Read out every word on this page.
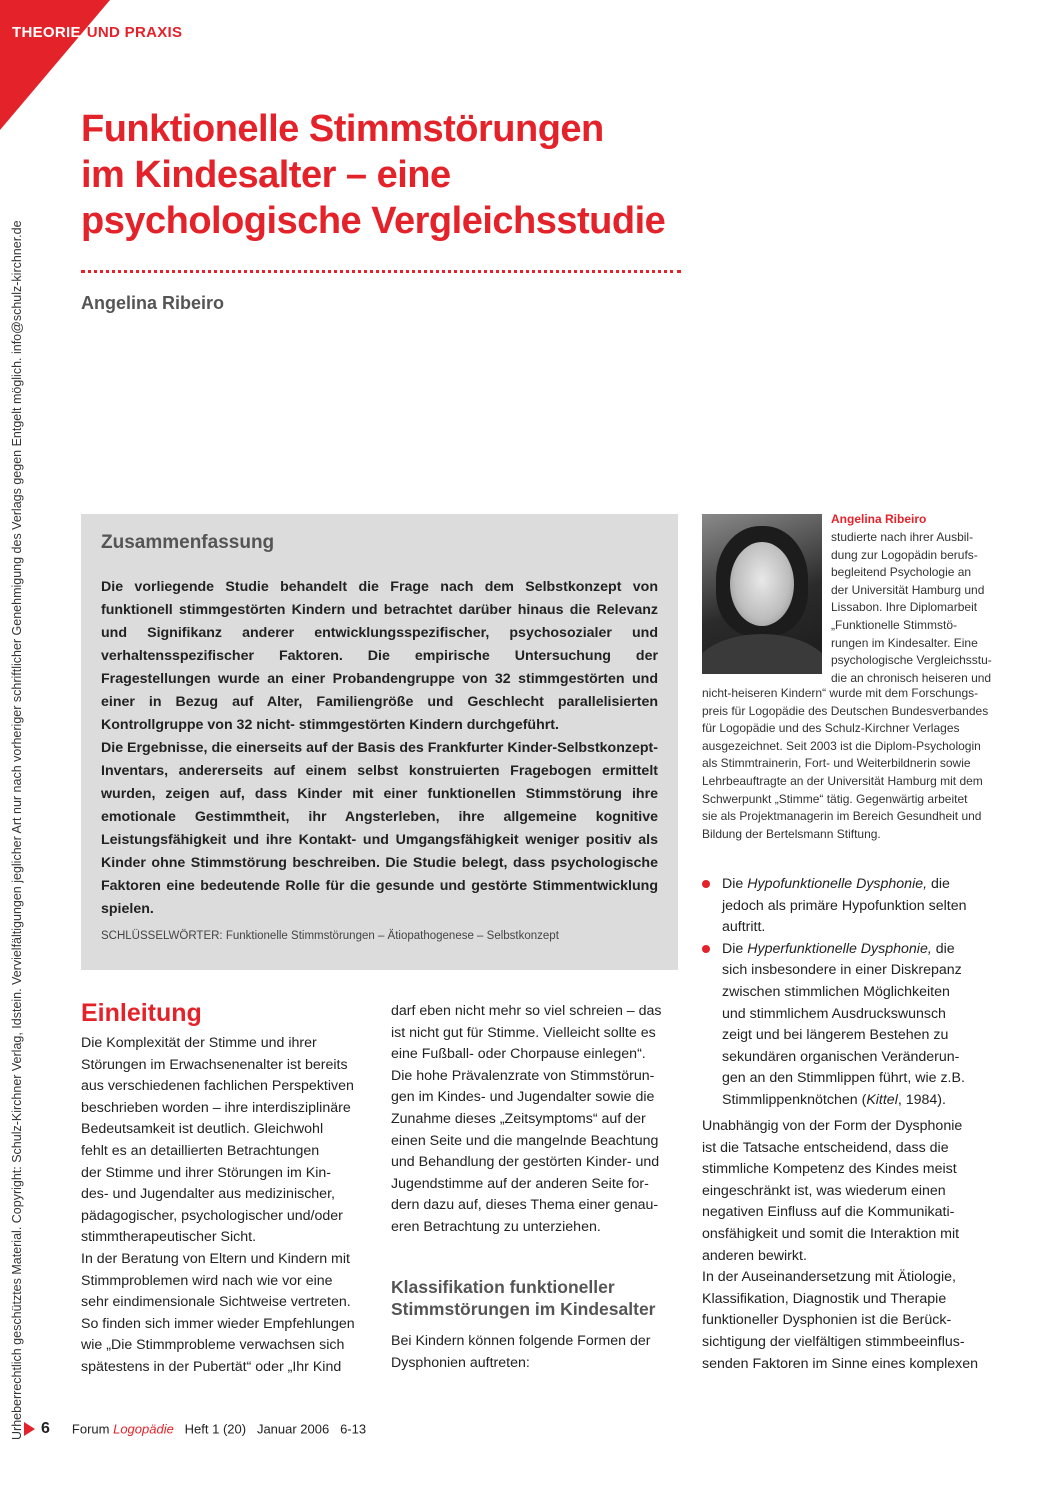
THEORIE UND PRAXIS
Urheberrechtlich geschütztes Material. Copyright: Schulz-Kirchner Verlag, Idstein. Vervielfältigungen jeglicher Art nur nach vorheriger schriftlicher Genehmigung des Verlags gegen Entgelt möglich. info@schulz-kirchner.de
Funktionelle Stimmstörungen
im Kindesalter – eine
psychologische Vergleichsstudie
Angelina Ribeiro
Zusammenfassung

Die vorliegende Studie behandelt die Frage nach dem Selbstkonzept von funktionell stimmgestörten Kindern und betrachtet darüber hinaus die Relevanz und Signifikanz anderer entwicklungsspezifischer, psychosozialer und verhaltensspezifischer Faktoren. Die empirische Untersuchung der Fragestellungen wurde an einer Probandengruppe von 32 stimmgestörten und einer in Bezug auf Alter, Familiengröße und Geschlecht parallelisierten Kontrollgruppe von 32 nicht- stimmgestörten Kindern durchgeführt.

Die Ergebnisse, die einerseits auf der Basis des Frankfurter Kinder-Selbstkonzept-Inventars, andererseits auf einem selbst konstruierten Fragebogen ermittelt wurden, zeigen auf, dass Kinder mit einer funktionellen Stimmstörung ihre emotionale Gestimmtheit, ihr Angsterleben, ihre allgemeine kognitive Leistungsfähigkeit und ihre Kontakt- und Umgangsfähigkeit weniger positiv als Kinder ohne Stimmstörung beschreiben. Die Studie belegt, dass psychologische Faktoren eine bedeutende Rolle für die gesunde und gestörte Stimmentwicklung spielen.

SCHLÜSSELWÖRTER: Funktionelle Stimmstörungen – Ätiopathogenese – Selbstkonzept
Angelina Ribeiro
studierte nach ihrer Ausbil-
dung zur Logopädin berufs-
begleitend Psychologie an
der Universität Hamburg und
Lissabon. Ihre Diplomarbeit
„Funktionelle Stimmstö-
rungen im Kindesalter. Eine
psychologische Vergleichsstu-
die an chronisch heiseren und
nicht-heiseren Kindern“ wurde mit dem Forschungs-
preis für Logopädie des Deutschen Bundesverbandes
für Logopädie und des Schulz-Kirchner Verlages
ausgezeichnet. Seit 2003 ist die Diplom-Psychologin
als Stimmtrainerin, Fort- und Weiterbildnerin sowie
Lehrbeauftragte an der Universität Hamburg mit dem
Schwerpunkt „Stimme“ tätig. Gegenwärtig arbeitet
sie als Projektmanagerin im Bereich Gesundheit und
Bildung der Bertelsmann Stiftung.
Einleitung
Die Komplexität der Stimme und ihrer
Störungen im Erwachsenenalter ist bereits
aus verschiedenen fachlichen Perspektiven
beschrieben worden – ihre interdisziplinäre
Bedeutsamkeit ist deutlich. Gleichwohl
fehlt es an detaillierten Betrachtungen
der Stimme und ihrer Störungen im Kin-
des- und Jugendalter aus medizinischer,
pädagogischer, psychologischer und/oder
stimmtherapeutischer Sicht.
In der Beratung von Eltern und Kindern mit
Stimmproblemen wird nach wie vor eine
sehr eindimensionale Sichtweise vertreten.
So finden sich immer wieder Empfehlungen
wie „Die Stimmprobleme verwachsen sich
spätestens in der Pubertät“ oder „Ihr Kind
darf eben nicht mehr so viel schreien – das
ist nicht gut für Stimme. Vielleicht sollte es
eine Fußball- oder Chorpause einlegen“.
Die hohe Prävalenzrate von Stimmstörun-
gen im Kindes- und Jugendalter sowie die
Zunahme dieses „Zeitsymptoms“ auf der
einen Seite und die mangelnde Beachtung
und Behandlung der gestörten Kinder- und
Jugendstimme auf der anderen Seite for-
dern dazu auf, dieses Thema einer genau-
eren Betrachtung zu unterziehen.
Klassifikation funktioneller
Stimmstörungen im Kindesalter
Bei Kindern können folgende Formen der
Dysphonien auftreten:
Die Hypofunktionelle Dysphonie, die
jedoch als primäre Hypofunktion selten
auftritt.
Die Hyperfunktionelle Dysphonie, die
sich insbesondere in einer Diskrepanz
zwischen stimmlichen Möglichkeiten
und stimmlichem Ausdruckswunsch
zeigt und bei längerem Bestehen zu
sekundären organischen Veränderun-
gen an den Stimmlippen führt, wie z.B.
Stimmlippenknötchen (Kittel, 1984).
Unabhängig von der Form der Dysphonie
ist die Tatsache entscheidend, dass die
stimmliche Kompetenz des Kindes meist
eingeschränkt ist, was wiederum einen
negativen Einfluss auf die Kommunikati-
onsfähigkeit und somit die Interaktion mit
anderen bewirkt.
In der Auseinandersetzung mit Ätiologie,
Klassifikation, Diagnostik und Therapie
funktioneller Dysphonien ist die Berück-
sichtigung der vielfältigen stimmbeeinflus-
senden Faktoren im Sinne eines komplexen
6 Forum Logopädie Heft 1 (20) Januar 2006 6-13
